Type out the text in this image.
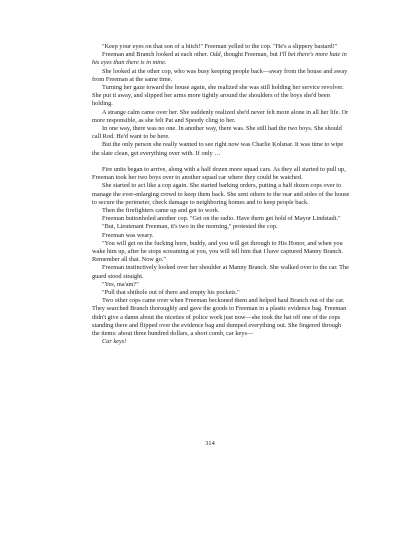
"Keep your eyes on that son of a bitch!" Freeman yelled to the cop. "He's a slippery bastard!"

Freeman and Branch looked at each other. Odd, thought Freeman, but I'll bet there's more hate in his eyes than there is in mine.

She looked at the other cop, who was busy keeping people back—away from the house and away from Freeman at the same time.

Turning her gaze toward the house again, she realized she was still holding her service revolver. She put it away, and slipped her arms more tightly around the shoulders of the boys she'd been holding.

A strange calm came over her. She suddenly realized she'd never felt more alone in all her life. Or more responsible, as she felt Pat and Speedy cling to her.

In one way, there was no one. In another way, there was. She still had the two boys. She should call Rod. He'd want to be here.

But the only person she really wanted to see right now was Charlie Kolsnar. It was time to wipe the slate clean, get everything over with. If only …

Fire units began to arrive, along with a half dozen more squad cars. As they all started to pull up, Freeman took her two boys over to another squad car where they could be watched.

She started to act like a cop again. She started barking orders, putting a half dozen cops over to manage the ever-enlarging crowd to keep them back. She sent others to the rear and sides of the house to secure the perimeter, check damage to neighboring homes and to keep people back.

Then the firefighters came up and got to work.

Freeman buttonholed another cop. "Get on the radio. Have them get hold of Mayor Lindstadt."

"But, Lieutenant Freeman, it's two in the morning," protested the cop.

Freeman was weary.

"You will get on the fucking horn, buddy, and you will get through to His Honor, and when you wake him up, after he stops screaming at you, you will tell him that I have captured Manny Branch. Remember all that. Now go."

Freeman instinctively looked over her shoulder at Manny Branch. She walked over to the car. The guard stood straight.

"Yes, ma'am?"

"Pull that shithole out of there and empty his pockets."

Two other cops came over when Freeman beckoned them and helped haul Branch out of the car. They searched Branch thoroughly and gave the goods to Freeman in a plastic evidence bag. Freeman didn't give a damn about the niceties of police work just now—she took the hat off one of the cops standing there and flipped over the evidence bag and dumped everything out. She fingered through the items: about three hundred dollars, a short comb, car keys—

Car keys!

314
